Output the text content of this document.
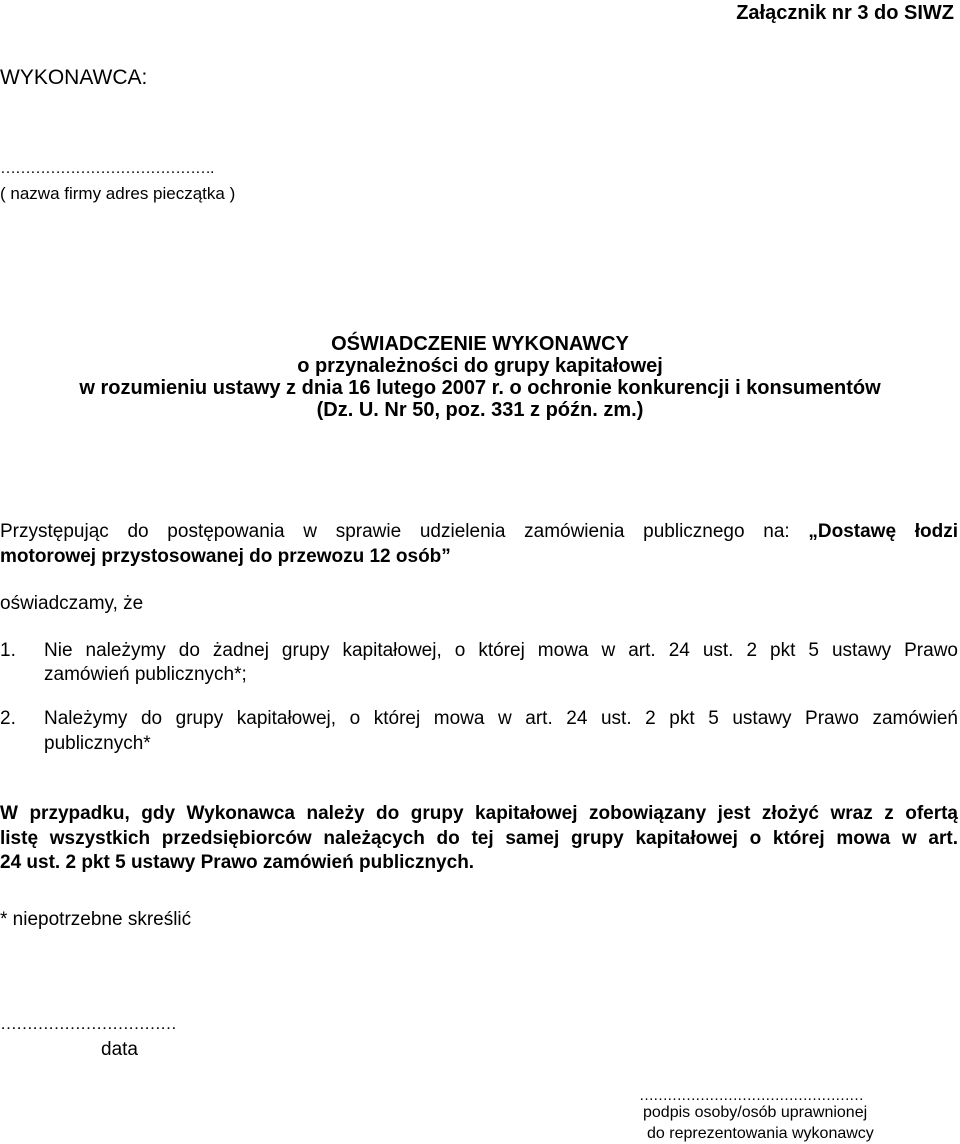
Załącznik nr 3 do SIWZ
WYKONAWCA:
…………………………………….
( nazwa firmy adres pieczątka )
OŚWIADCZENIE WYKONAWCY
o przynależności do grupy kapitałowej
w rozumieniu ustawy z dnia 16 lutego 2007 r. o ochronie konkurencji i konsumentów
(Dz. U. Nr 50, poz. 331 z późn. zm.)
Przystępując do postępowania w sprawie udzielenia zamówienia publicznego na: „Dostawę łodzi
motorowej przystosowanej do przewozu 12 osób”
oświadczamy, że
1. Nie należymy do żadnej grupy kapitałowej, o której mowa w art. 24 ust. 2 pkt 5 ustawy Prawo
zamówień publicznych*;
2. Należymy do grupy kapitałowej, o której mowa w art. 24 ust. 2 pkt 5 ustawy Prawo zamówień
publicznych*
W przypadku, gdy Wykonawca należy do grupy kapitałowej zobowiązany jest złożyć wraz z ofertą
listę wszystkich przedsiębiorców należących do tej samej grupy kapitałowej o której mowa w art.
24 ust. 2 pkt 5 ustawy Prawo zamówień publicznych.
* niepotrzebne skreślić
……………………………
data
…………………………………………
podpis osoby/osób uprawnionej
do reprezentowania wykonawcy
